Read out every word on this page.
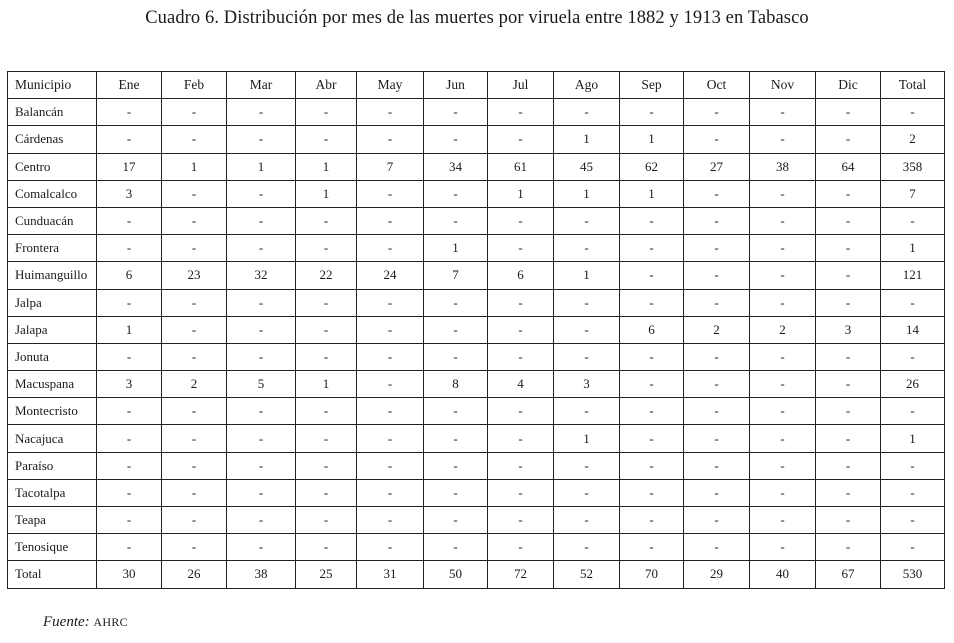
Cuadro 6. Distribución por mes de las muertes por viruela entre 1882 y 1913 en Tabasco
Municipio	Ene	Feb	Mar	Abr	May	Jun	Jul	Ago	Sep	Oct	Nov	Dic	Total
Balancán	-	-	-	-	-	-	-	-	-	-	-	-	-
Cárdenas	-	-	-	-	-	-	-	1	1	-	-	-	2
Centro	17	1	1	1	7	34	61	45	62	27	38	64	358
Comalcalco	3	-	-	1	-	-	1	1	1	-	-	-	7
Cunduacán	-	-	-	-	-	-	-	-	-	-	-	-	-
Frontera	-	-	-	-	-	1	-	-	-	-	-	-	1
Huimanguillo	6	23	32	22	24	7	6	1	-	-	-	-	121
Jalpa	-	-	-	-	-	-	-	-	-	-	-	-	-
Jalapa	1	-	-	-	-	-	-	-	6	2	2	3	14
Jonuta	-	-	-	-	-	-	-	-	-	-	-	-	-
Macuspana	3	2	5	1	-	8	4	3	-	-	-	-	26
Montecristo	-	-	-	-	-	-	-	-	-	-	-	-	-
Nacajuca	-	-	-	-	-	-	-	1	-	-	-	-	1
Paraíso	-	-	-	-	-	-	-	-	-	-	-	-	-
Tacotalpa	-	-	-	-	-	-	-	-	-	-	-	-	-
Teapa	-	-	-	-	-	-	-	-	-	-	-	-	-
Tenosique	-	-	-	-	-	-	-	-	-	-	-	-	-
Total	30	26	38	25	31	50	72	52	70	29	40	67	530
Fuente: AHRC
